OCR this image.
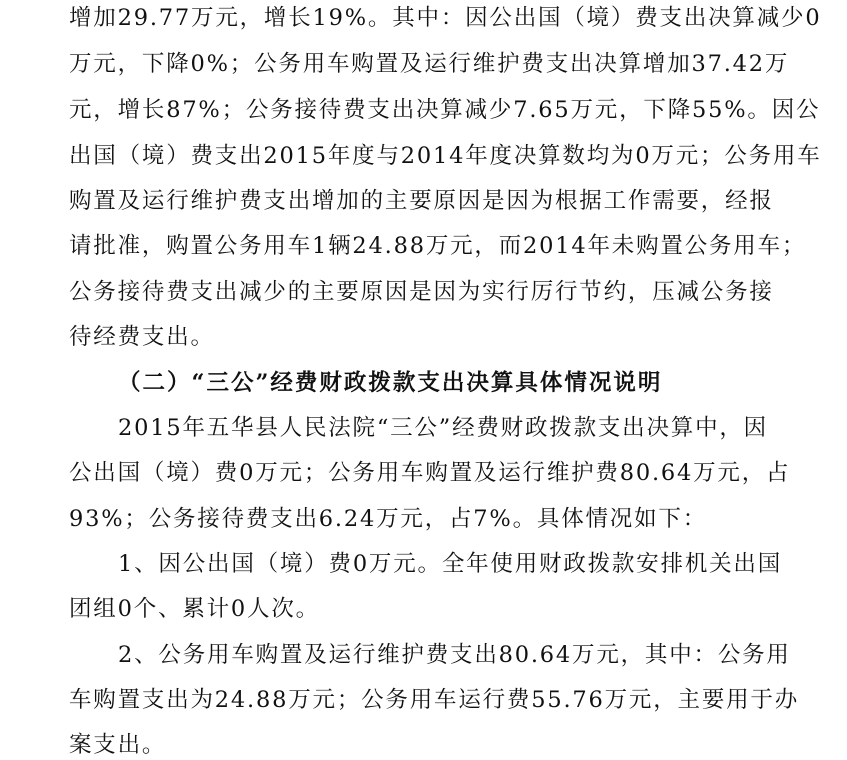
增加29.77万元，增长19%。其中：因公出国（境）费支出决算减少0
万元，下降0%；公务用车购置及运行维护费支出决算增加37.42万
元，增长87%；公务接待费支出决算减少7.65万元，下降55%。因公
出国（境）费支出2015年度与2014年度决算数均为0万元；公务用车
购置及运行维护费支出增加的主要原因是因为根据工作需要，经报
请批准，购置公务用车1辆24.88万元，而2014年未购置公务用车；
公务接待费支出减少的主要原因是因为实行厉行节约，压减公务接
待经费支出。
（二）“三公”经费财政拨款支出决算具体情况说明
2015年五华县人民法院“三公”经费财政拨款支出决算中，因
公出国（境）费0万元；公务用车购置及运行维护费80.64万元，占
93%；公务接待费支出6.24万元，占7%。具体情况如下：
1、因公出国（境）费0万元。全年使用财政拨款安排机关出国
团组0个、累计0人次。
2、公务用车购置及运行维护费支出80.64万元，其中：公务用
车购置支出为24.88万元；公务用车运行费55.76万元，主要用于办
案支出。
